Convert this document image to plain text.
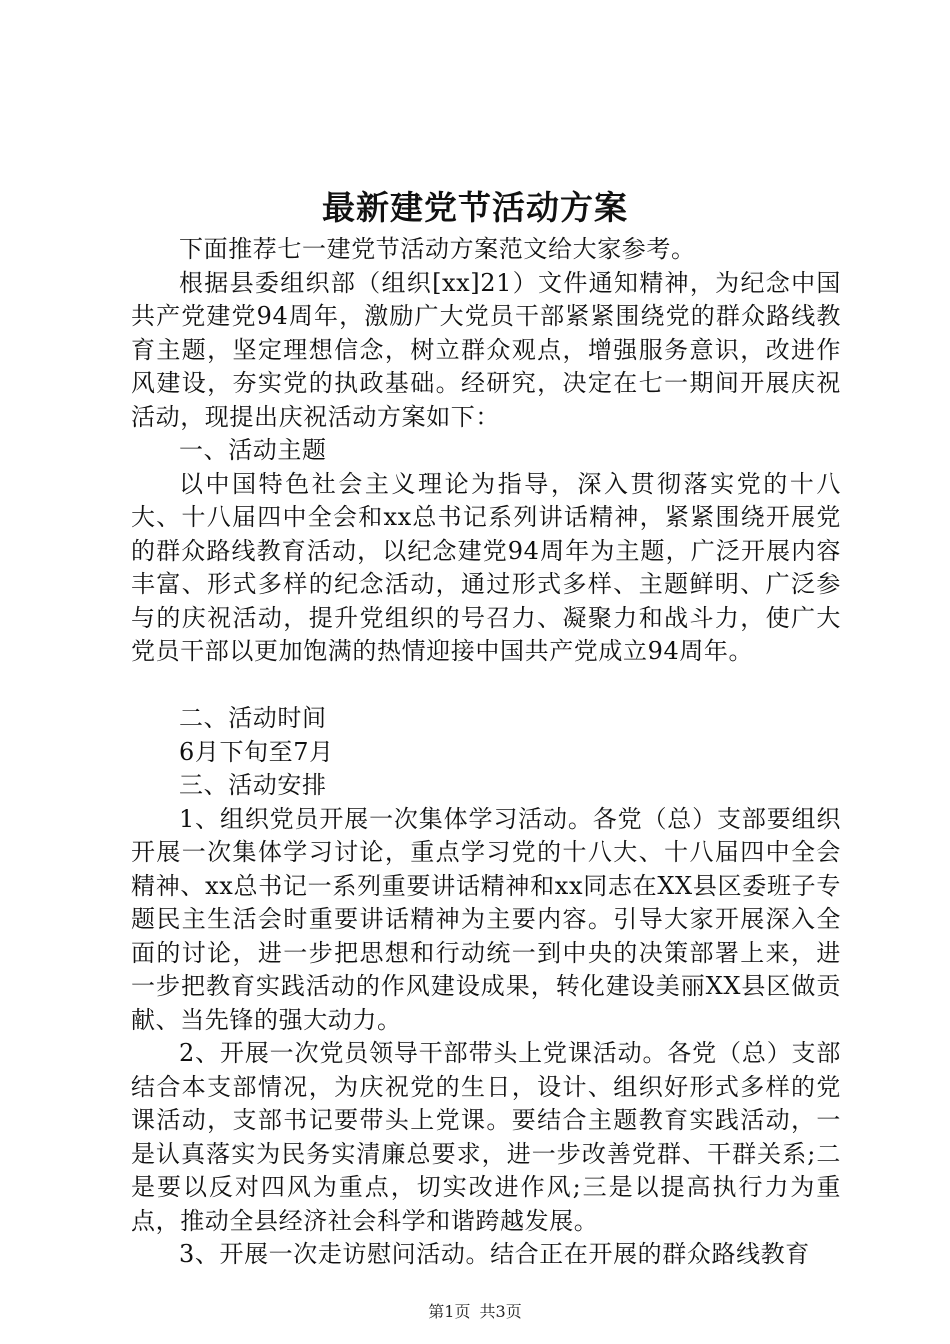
最新建党节活动方案

下面推荐七一建党节活动方案范文给大家参考。

根据县委组织部（组织[xx]21）文件通知精神，为纪念中国共产党建党94周年，激励广大党员干部紧紧围绕党的群众路线教育主题，坚定理想信念，树立群众观点，增强服务意识，改进作风建设，夯实党的执政基础。经研究，决定在七一期间开展庆祝活动，现提出庆祝活动方案如下：

一、活动主题

以中国特色社会主义理论为指导，深入贯彻落实党的十八大、十八届四中全会和xx总书记系列讲话精神，紧紧围绕开展党的群众路线教育活动，以纪念建党94周年为主题，广泛开展内容丰富、形式多样的纪念活动，通过形式多样、主题鲜明、广泛参与的庆祝活动，提升党组织的号召力、凝聚力和战斗力，使广大党员干部以更加饱满的热情迎接中国共产党成立94周年。

二、活动时间

6月下旬至7月

三、活动安排

1、组织党员开展一次集体学习活动。各党（总）支部要组织开展一次集体学习讨论，重点学习党的十八大、十八届四中全会精神、xx总书记一系列重要讲话精神和xx同志在XX县区委班子专题民主生活会时重要讲话精神为主要内容。引导大家开展深入全面的讨论，进一步把思想和行动统一到中央的决策部署上来，进一步把教育实践活动的作风建设成果，转化建设美丽XX县区做贡献、当先锋的强大动力。

2、开展一次党员领导干部带头上党课活动。各党（总）支部结合本支部情况，为庆祝党的生日，设计、组织好形式多样的党课活动，支部书记要带头上党课。要结合主题教育实践活动，一是认真落实为民务实清廉总要求，进一步改善党群、干群关系;二是要以反对四风为重点，切实改进作风;三是以提高执行力为重点，推动全县经济社会科学和谐跨越发展。

3、开展一次走访慰问活动。结合正在开展的群众路线教育

第1页 共3页
